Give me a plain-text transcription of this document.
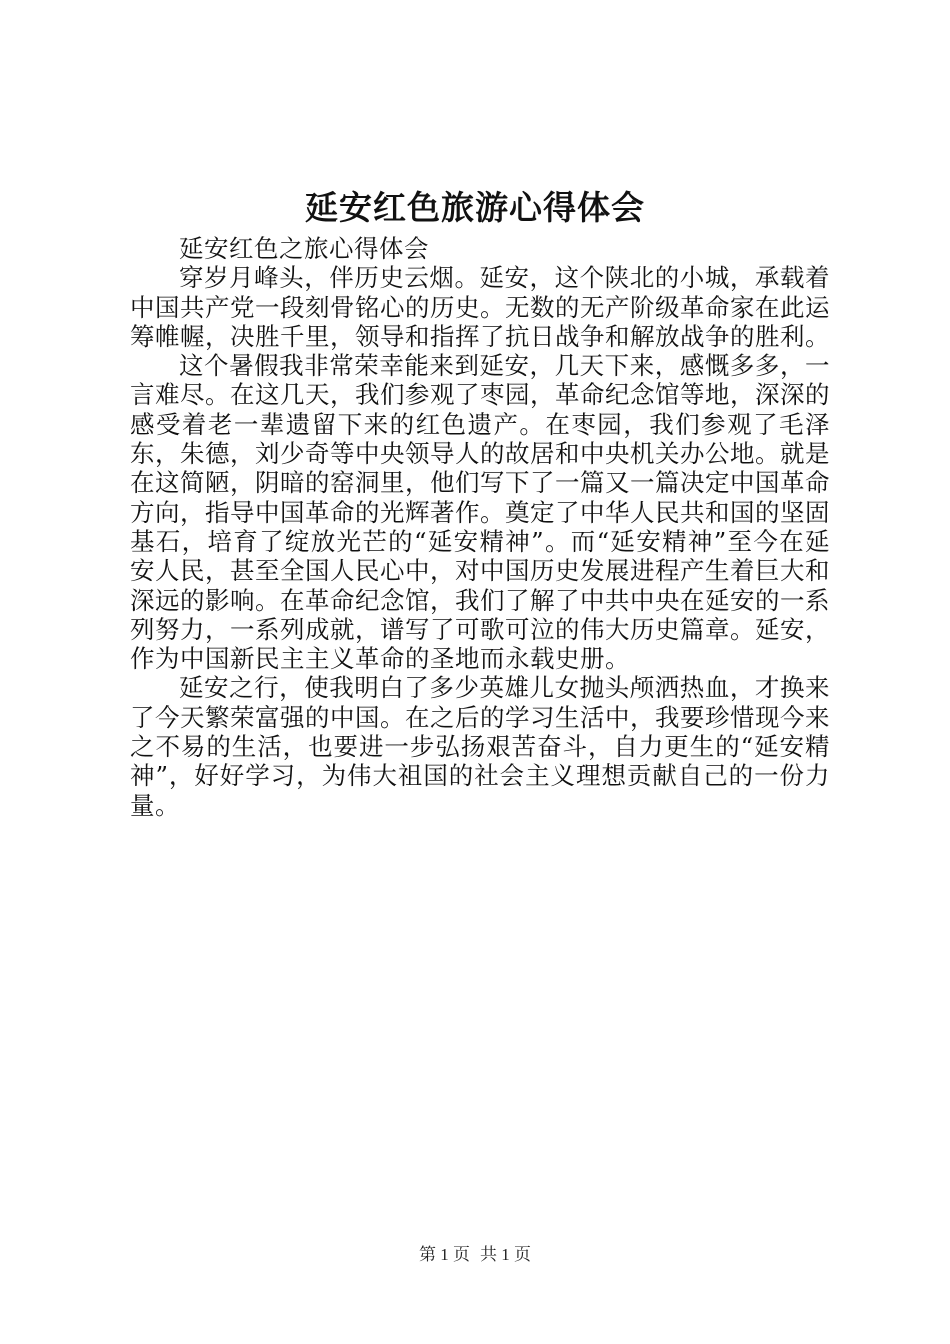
延安红色旅游心得体会

延安红色之旅心得体会

穿岁月峰头，伴历史云烟。延安，这个陕北的小城，承载着中国共产党一段刻骨铭心的历史。无数的无产阶级革命家在此运筹帷幄，决胜千里，领导和指挥了抗日战争和解放战争的胜利。

这个暑假我非常荣幸能来到延安，几天下来，感慨多多，一言难尽。在这几天，我们参观了枣园，革命纪念馆等地，深深的感受着老一辈遗留下来的红色遗产。在枣园，我们参观了毛泽东，朱德，刘少奇等中央领导人的故居和中央机关办公地。就是在这简陋，阴暗的窑洞里，他们写下了一篇又一篇决定中国革命方向，指导中国革命的光辉著作。奠定了中华人民共和国的坚固基石，培育了绽放光芒的“延安精神”。而“延安精神”至今在延安人民，甚至全国人民心中，对中国历史发展进程产生着巨大和深远的影响。在革命纪念馆，我们了解了中共中央在延安的一系列努力，一系列成就，谱写了可歌可泣的伟大历史篇章。延安，作为中国新民主主义革命的圣地而永载史册。

延安之行，使我明白了多少英雄儿女抛头颅洒热血，才换来了今天繁荣富强的中国。在之后的学习生活中，我要珍惜现今来之不易的生活，也要进一步弘扬艰苦奋斗，自力更生的“延安精神”，好好学习，为伟大祖国的社会主义理想贡献自己的一份力量。

第 1 页 共 1 页
